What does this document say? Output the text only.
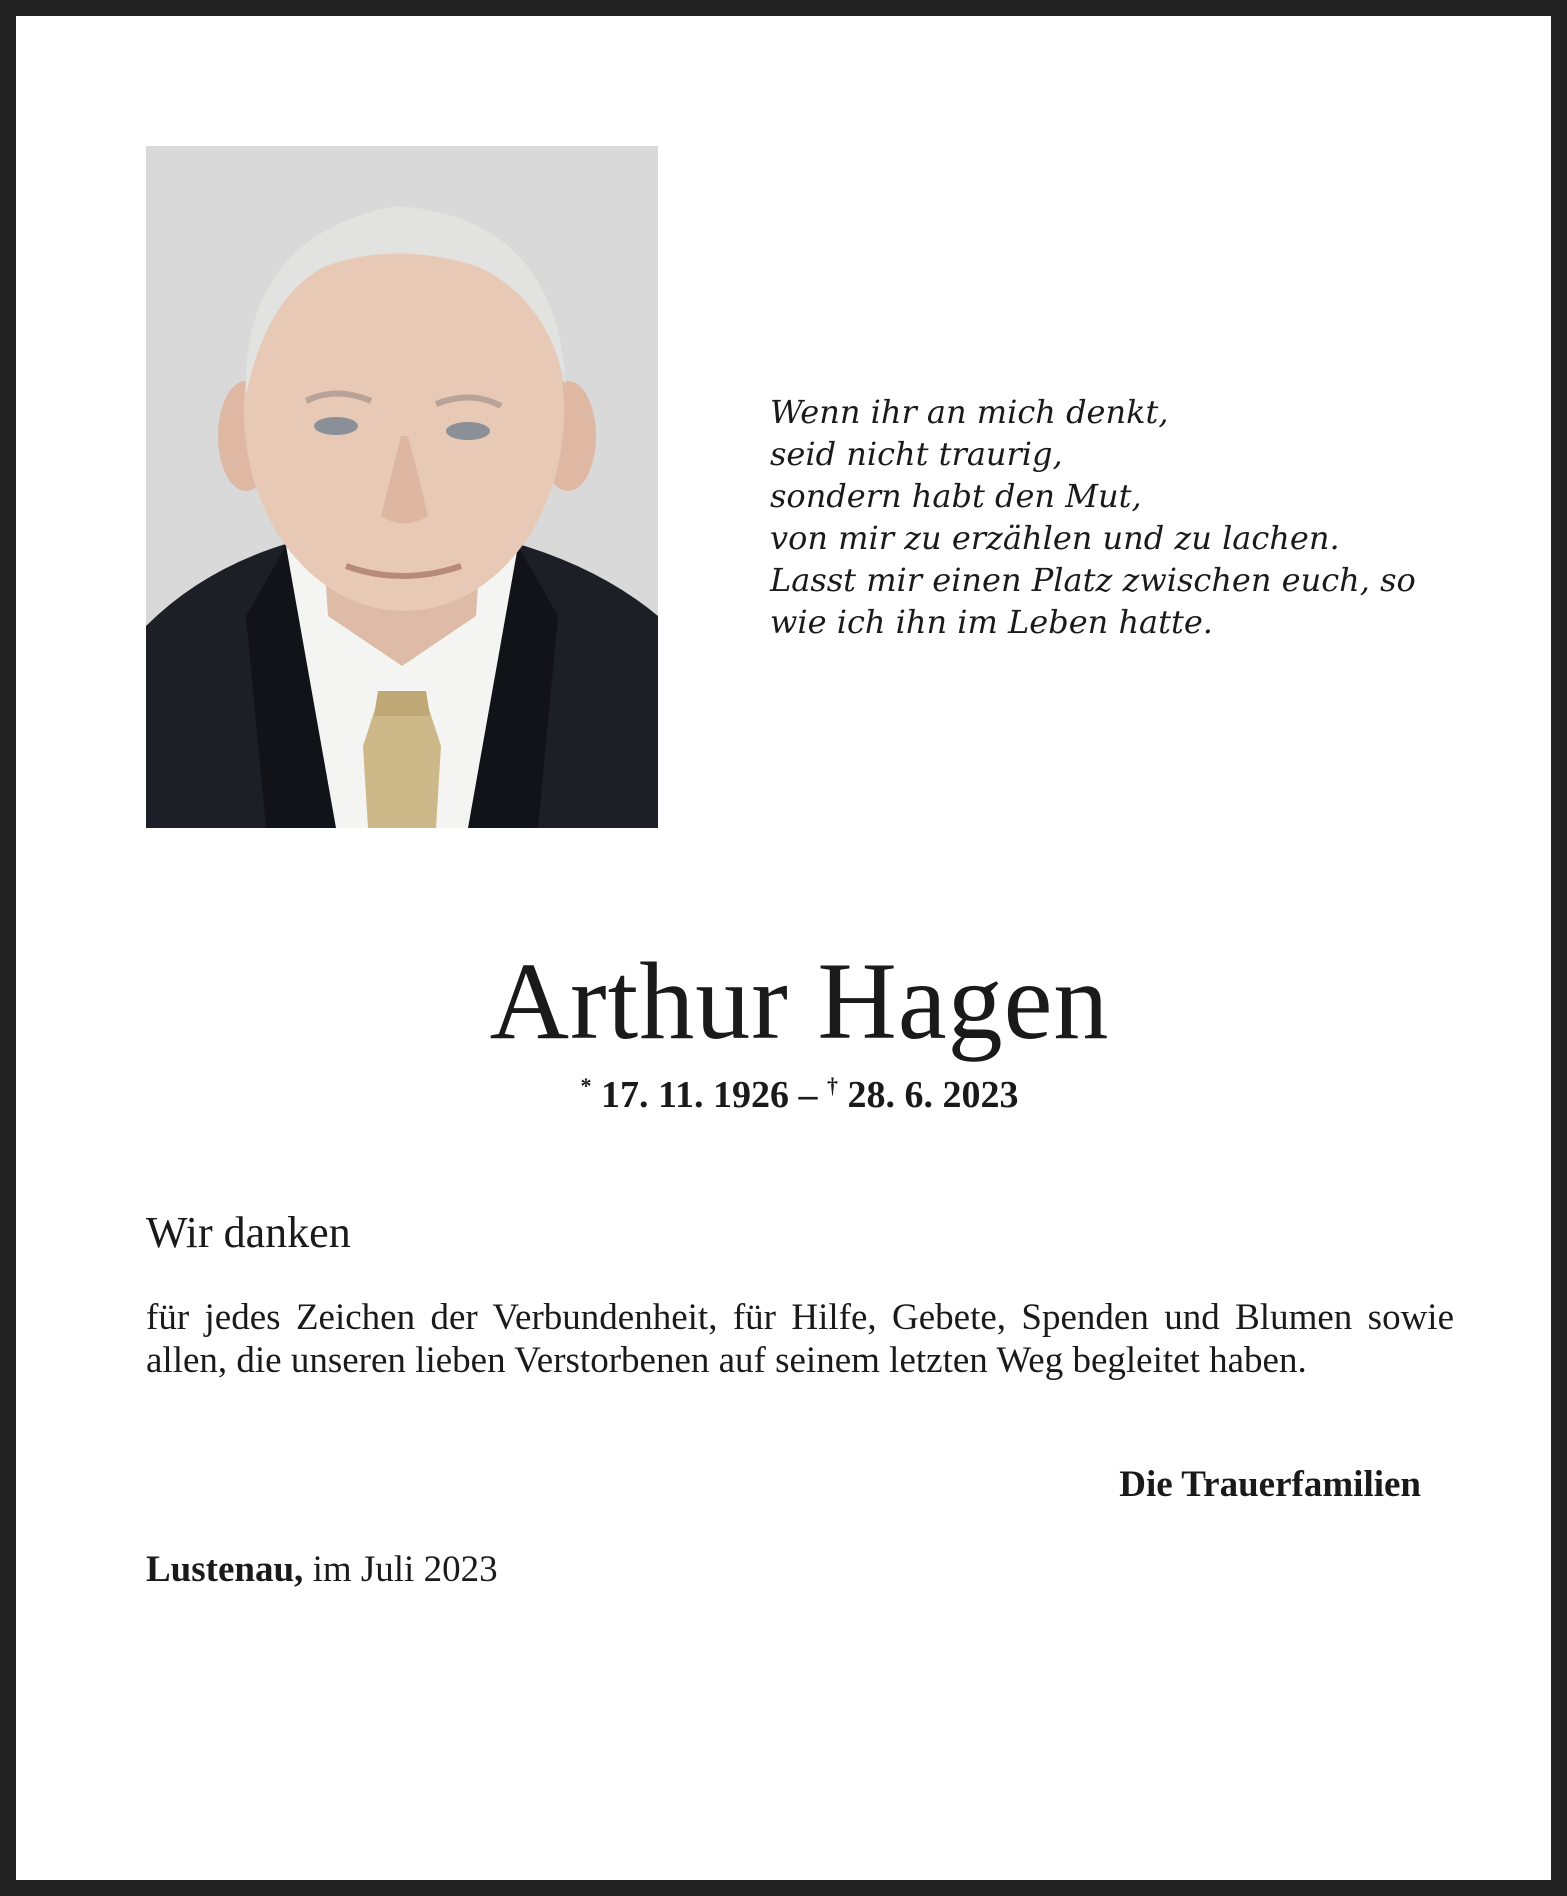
Wenn ihr an mich denkt,
seid nicht traurig,
sondern habt den Mut,
von mir zu erzählen und zu lachen.
Lasst mir einen Platz zwischen euch, so
wie ich ihn im Leben hatte.
Arthur Hagen
* 17. 11. 1926 – † 28. 6. 2023
Wir danken
für jedes Zeichen der Verbundenheit, für Hilfe, Gebete, Spenden und Blumen sowie allen, die unseren lieben Verstorbenen auf seinem letzten Weg begleitet haben.
Die Trauerfamilien
Lustenau, im Juli 2023
